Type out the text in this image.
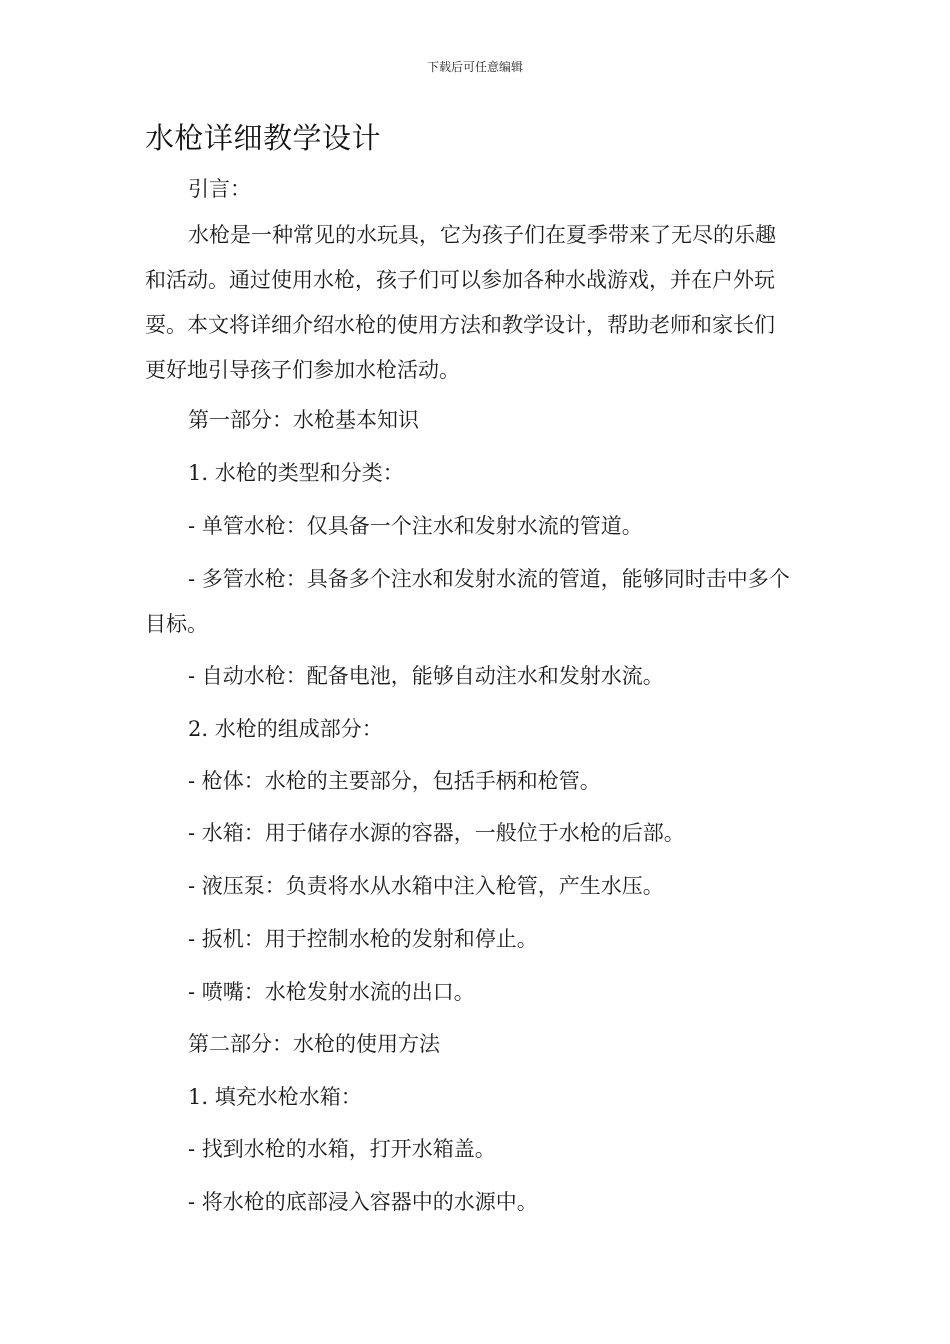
下载后可任意编辑
水枪详细教学设计

引言：

水枪是一种常见的水玩具，它为孩子们在夏季带来了无尽的乐趣和活动。通过使用水枪，孩子们可以参加各种水战游戏，并在户外玩耍。本文将详细介绍水枪的使用方法和教学设计，帮助老师和家长们更好地引导孩子们参加水枪活动。

第一部分：水枪基本知识

1. 水枪的类型和分类：

- 单管水枪：仅具备一个注水和发射水流的管道。

- 多管水枪：具备多个注水和发射水流的管道，能够同时击中多个目标。

- 自动水枪：配备电池，能够自动注水和发射水流。

2. 水枪的组成部分：

- 枪体：水枪的主要部分，包括手柄和枪管。

- 水箱：用于储存水源的容器，一般位于水枪的后部。

- 液压泵：负责将水从水箱中注入枪管，产生水压。

- 扳机：用于控制水枪的发射和停止。

- 喷嘴：水枪发射水流的出口。

第二部分：水枪的使用方法

1. 填充水枪水箱：

- 找到水枪的水箱，打开水箱盖。

- 将水枪的底部浸入容器中的水源中。
